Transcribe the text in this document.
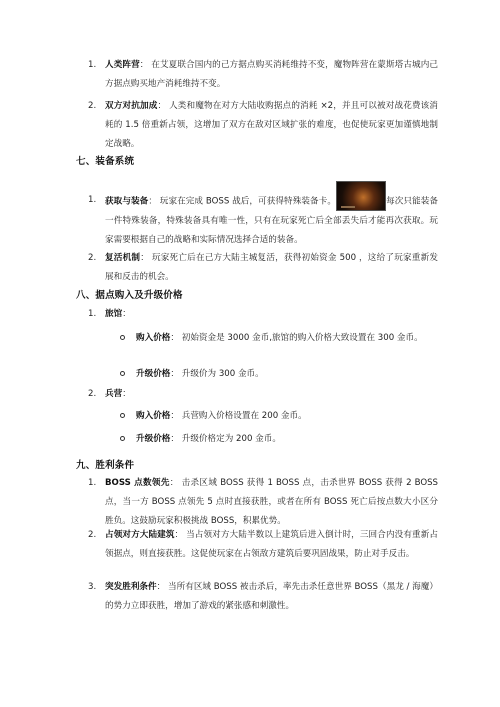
1.	人类阵营： 在艾夏联合国内的己方据点购买消耗维持不变，魔物阵营在蒙斯塔古城内己方据点购买地产消耗维持不变。
2.	双方对抗加成： 人类和魔物在对方大陆收购据点的消耗 ×2，并且可以被对战花费该消耗的 1.5 倍重新占领，这增加了双方在敌对区域扩张的难度，也促使玩家更加谨慎地制定战略。
七、装备系统
1.	获取与装备： 玩家在完成 BOSS 战后，可获得特殊装备卡。	每次只能装备一件特殊装备，特殊装备具有唯一性，只有在玩家死亡后全部丢失后才能再次获取。玩家需要根据自己的战略和实际情况选择合适的装备。
2.	复活机制： 玩家死亡后在己方大陆主城复活，获得初始资金 500 ，这给了玩家重新发展和反击的机会。
八、据点购入及升级价格
1.	旅馆：
购入价格： 初始资金是 3000 金币,旅馆的购入价格大致设置在 300 金币。
升级价格： 升级价为 300 金币。
2.	兵营：
购入价格： 兵营购入价格设置在 200 金币。
升级价格： 升级价格定为 200 金币。
九、胜利条件
1.	BOSS 点数领先： 击杀区域 BOSS 获得 1 BOSS 点，击杀世界 BOSS 获得 2 BOSS 点，当一方 BOSS 点领先 5 点时直接获胜，或者在所有 BOSS 死亡后按点数大小区分胜负。这鼓励玩家积极挑战 BOSS，积累优势。
2.	占领对方大陆建筑： 当占领对方大陆半数以上建筑后进入倒计时，三回合内没有重新占领据点，则直接获胜。这促使玩家在占领敌方建筑后要巩固战果，防止对手反击。
3.	突发胜利条件： 当所有区域 BOSS 被击杀后，率先击杀任意世界 BOSS（黑龙 / 海魔）的势力立即获胜，增加了游戏的紧张感和刺激性。
